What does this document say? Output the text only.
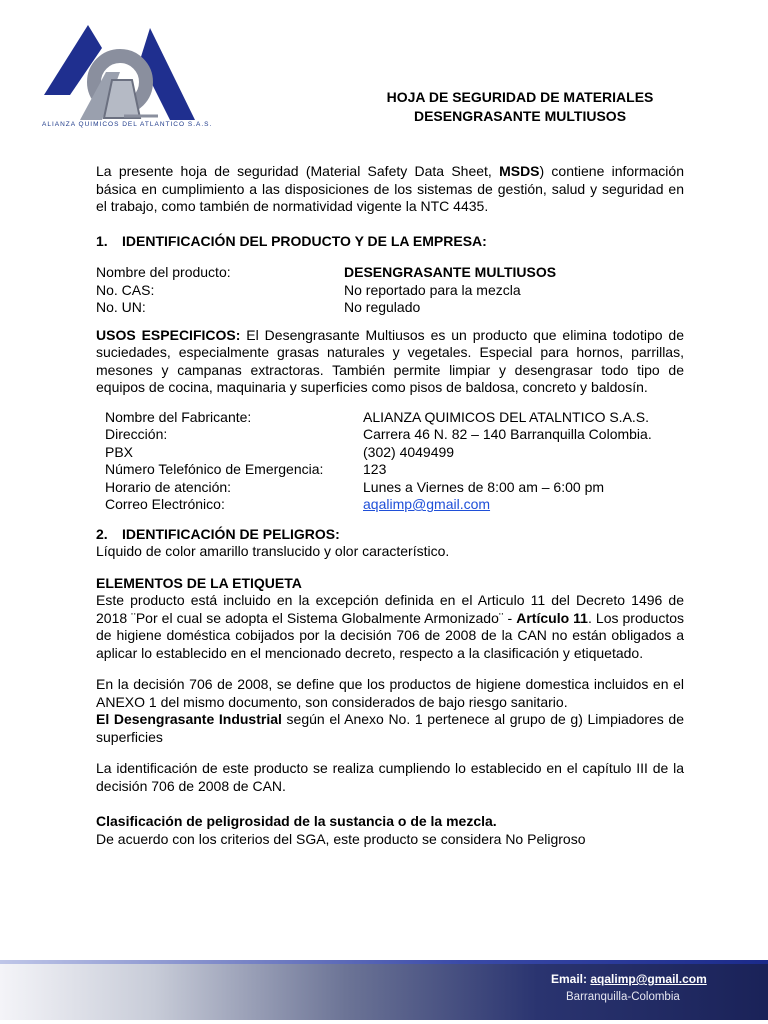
ALIANZA QUIMICOS DEL ATLANTICO S.A.S.
HOJA DE SEGURIDAD DE MATERIALES
DESENGRASANTE MULTIUSOS

La presente hoja de seguridad (Material Safety Data Sheet, MSDS) contiene información básica en cumplimiento a las disposiciones de los sistemas de gestión, salud y seguridad en el trabajo, como también de normatividad vigente la NTC 4435.

1. IDENTIFICACIÓN DEL PRODUCTO Y DE LA EMPRESA:

Nombre del producto:	DESENGRASANTE MULTIUSOS
No. CAS:	No reportado para la mezcla
No. UN:	No regulado

USOS ESPECIFICOS: El Desengrasante Multiusos es un producto que elimina todotipo de suciedades, especialmente grasas naturales y vegetales. Especial para hornos, parrillas, mesones y campanas extractoras. También permite limpiar y desengrasar todo tipo de equipos de cocina, maquinaria y superficies como pisos de baldosa, concreto y baldosín.

Nombre del Fabricante:	ALIANZA QUIMICOS DEL ATALNTICO S.A.S.
Dirección:	Carrera 46 N. 82 – 140 Barranquilla Colombia.
PBX	(302) 4049499
Número Telefónico de Emergencia:	123
Horario de atención:	Lunes a Viernes de 8:00 am – 6:00 pm
Correo Electrónico:	aqalimp@gmail.com

2. IDENTIFICACIÓN DE PELIGROS:

Líquido de color amarillo translucido y olor característico.

ELEMENTOS DE LA ETIQUETA

Este producto está incluido en la excepción definida en el Articulo 11 del Decreto 1496 de 2018 ¨Por el cual se adopta el Sistema Globalmente Armonizado¨ - Artículo 11. Los productos de higiene doméstica cobijados por la decisión 706 de 2008 de la CAN no están obligados a aplicar lo establecido en el mencionado decreto, respecto a la clasificación y etiquetado.

En la decisión 706 de 2008, se define que los productos de higiene domestica incluidos en el ANEXO 1 del mismo documento, son considerados de bajo riesgo sanitario.

El Desengrasante Industrial según el Anexo No. 1 pertenece al grupo de g) Limpiadores de superficies

La identificación de este producto se realiza cumpliendo lo establecido en el capítulo III de la decisión 706 de 2008 de CAN.

Clasificación de peligrosidad de la sustancia o de la mezcla.

De acuerdo con los criterios del SGA, este producto se considera No Peligroso

Email: aqalimp@gmail.com
Barranquilla-Colombia
